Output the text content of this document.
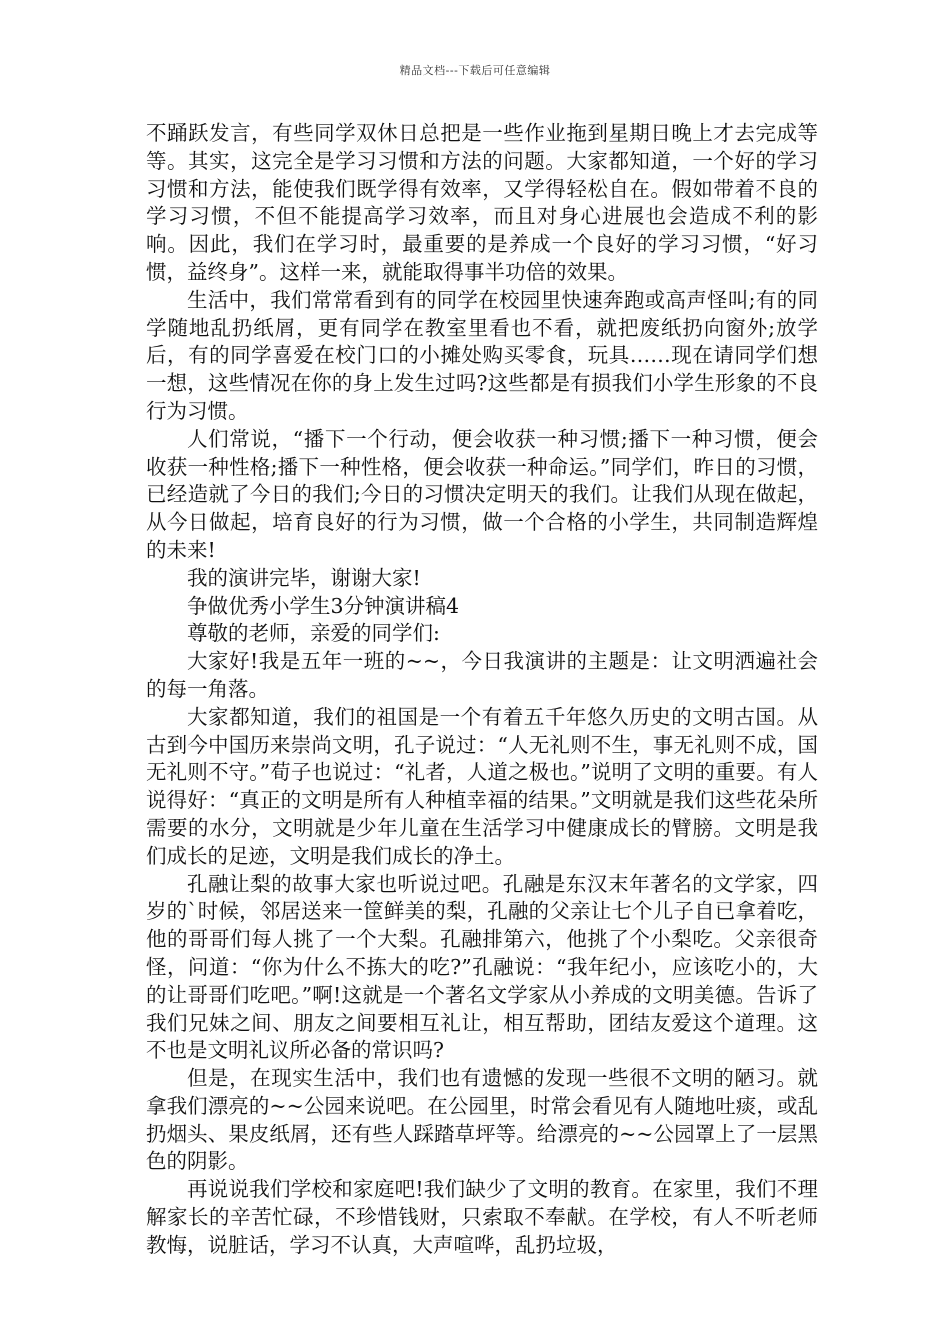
精品文档---下载后可任意编辑

不踊跃发言，有些同学双休日总把是一些作业拖到星期日晚上才去完成等等。其实，这完全是学习习惯和方法的问题。大家都知道，一个好的学习习惯和方法，能使我们既学得有效率，又学得轻松自在。假如带着不良的学习习惯，不但不能提高学习效率，而且对身心进展也会造成不利的影响。因此，我们在学习时，最重要的是养成一个良好的学习习惯，“好习惯，益终身”。这样一来，就能取得事半功倍的效果。

生活中，我们常常看到有的同学在校园里快速奔跑或高声怪叫;有的同学随地乱扔纸屑，更有同学在教室里看也不看，就把废纸扔向窗外;放学后，有的同学喜爱在校门口的小摊处购买零食，玩具……现在请同学们想一想，这些情况在你的身上发生过吗?这些都是有损我们小学生形象的不良行为习惯。

人们常说，“播下一个行动，便会收获一种习惯;播下一种习惯，便会收获一种性格;播下一种性格，便会收获一种命运。”同学们，昨日的习惯，已经造就了今日的我们;今日的习惯决定明天的我们。让我们从现在做起，从今日做起，培育良好的行为习惯，做一个合格的小学生，共同制造辉煌的未来!

我的演讲完毕，谢谢大家!

争做优秀小学生3分钟演讲稿4

尊敬的老师，亲爱的同学们:

大家好!我是五年一班的~~，今日我演讲的主题是：让文明洒遍社会的每一角落。

大家都知道，我们的祖国是一个有着五千年悠久历史的文明古国。从古到今中国历来崇尚文明，孔子说过：“人无礼则不生，事无礼则不成，国无礼则不守。”荀子也说过：“礼者，人道之极也。”说明了文明的重要。有人说得好：“真正的文明是所有人种植幸福的结果。”文明就是我们这些花朵所需要的水分，文明就是少年儿童在生活学习中健康成长的臂膀。文明是我们成长的足迹，文明是我们成长的净土。

孔融让梨的故事大家也听说过吧。孔融是东汉末年著名的文学家，四岁的`时候，邻居送来一筐鲜美的梨，孔融的父亲让七个儿子自已拿着吃，他的哥哥们每人挑了一个大梨。孔融排第六，他挑了个小梨吃。父亲很奇怪，问道：“你为什么不拣大的吃?”孔融说：“我年纪小，应该吃小的，大的让哥哥们吃吧。”啊!这就是一个著名文学家从小养成的文明美德。告诉了我们兄妹之间、朋友之间要相互礼让，相互帮助，团结友爱这个道理。这不也是文明礼议所必备的常识吗?

但是，在现实生活中，我们也有遗憾的发现一些很不文明的陋习。就拿我们漂亮的~~公园来说吧。在公园里，时常会看见有人随地吐痰，或乱扔烟头、果皮纸屑，还有些人踩踏草坪等。给漂亮的~~公园罩上了一层黑色的阴影。

再说说我们学校和家庭吧!我们缺少了文明的教育。在家里，我们不理解家长的辛苦忙碌，不珍惜钱财，只索取不奉献。在学校，有人不听老师教悔，说脏话，学习不认真，大声喧哗，乱扔垃圾，
